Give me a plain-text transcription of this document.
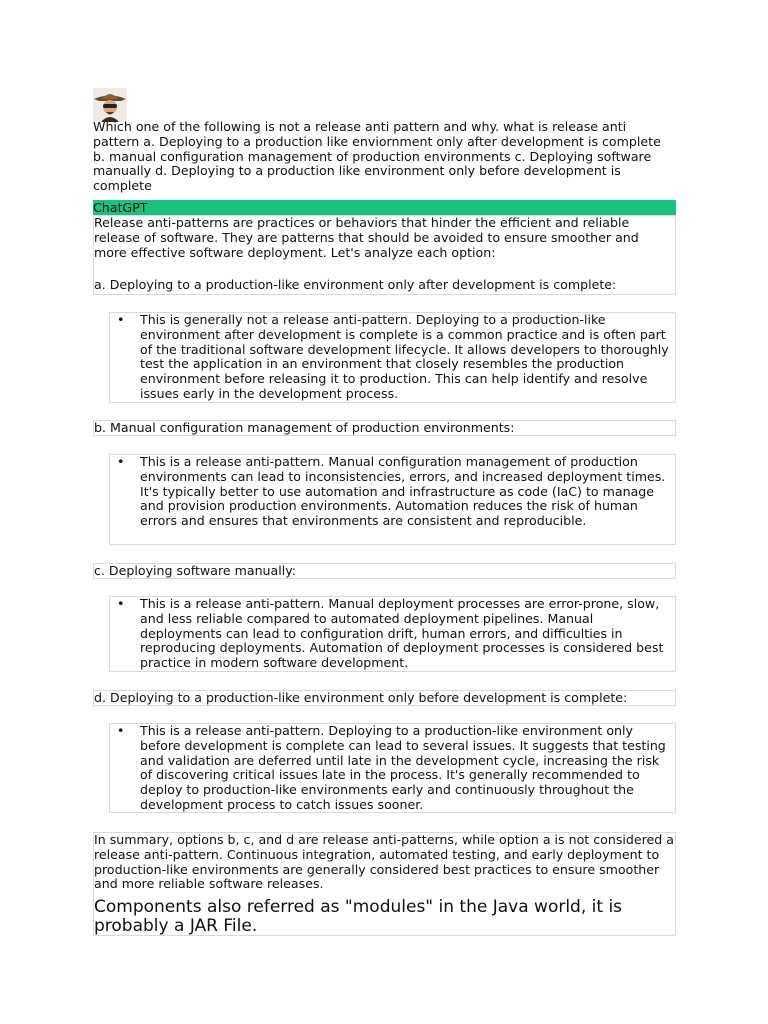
Which one of the following is not a release anti pattern and why. what is release anti pattern a. Deploying to a production like enviornment only after development is complete b. manual configuration management of production environments c. Deploying software manually d. Deploying to a production like environment only before development is complete
ChatGPT

Release anti-patterns are practices or behaviors that hinder the efficient and reliable release of software. They are patterns that should be avoided to ensure smoother and more effective software deployment. Let's analyze each option:

a. Deploying to a production-like environment only after development is complete:

• This is generally not a release anti-pattern. Deploying to a production-like environment after development is complete is a common practice and is often part of the traditional software development lifecycle. It allows developers to thoroughly test the application in an environment that closely resembles the production environment before releasing it to production. This can help identify and resolve issues early in the development process.
b. Manual configuration management of production environments:
• This is a release anti-pattern. Manual configuration management of production environments can lead to inconsistencies, errors, and increased deployment times. It's typically better to use automation and infrastructure as code (IaC) to manage and provision production environments. Automation reduces the risk of human errors and ensures that environments are consistent and reproducible.
c. Deploying software manually:
• This is a release anti-pattern. Manual deployment processes are error-prone, slow, and less reliable compared to automated deployment pipelines. Manual deployments can lead to configuration drift, human errors, and difficulties in reproducing deployments. Automation of deployment processes is considered best practice in modern software development.
d. Deploying to a production-like environment only before development is complete:
• This is a release anti-pattern. Deploying to a production-like environment only before development is complete can lead to several issues. It suggests that testing and validation are deferred until late in the development cycle, increasing the risk of discovering critical issues late in the process. It's generally recommended to deploy to production-like environments early and continuously throughout the development process to catch issues sooner.
In summary, options b, c, and d are release anti-patterns, while option a is not considered a release anti-pattern. Continuous integration, automated testing, and early deployment to production-like environments are generally considered best practices to ensure smoother and more reliable software releases.
Components also referred as "modules" in the Java world, it is probably a JAR File.
